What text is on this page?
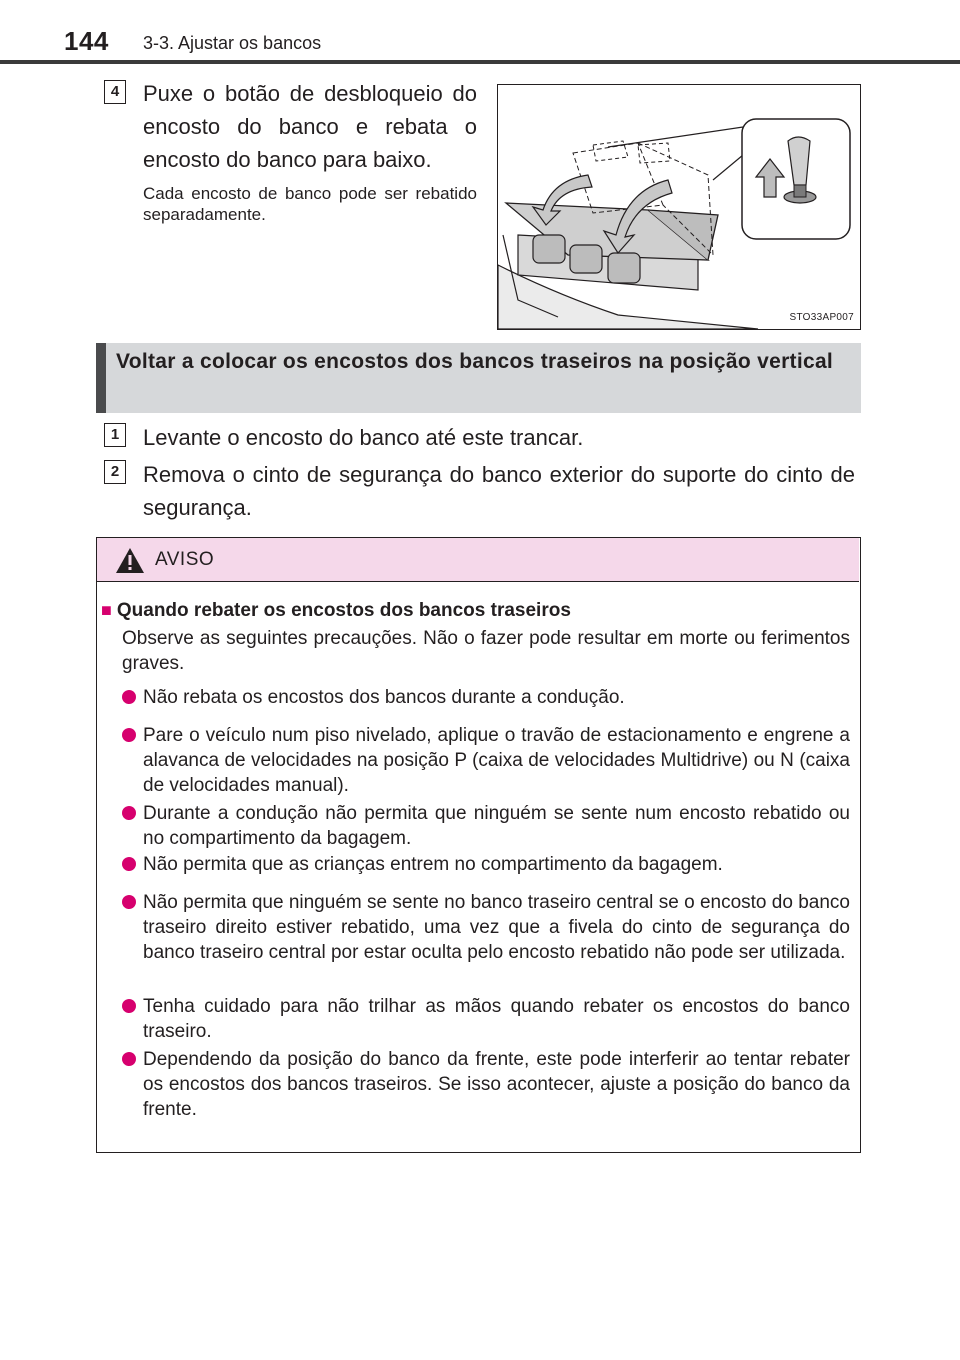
144 3-3. Ajustar os bancos
4	Puxe o botão de desbloqueio do encosto do banco e rebata o encosto do banco para baixo.
Cada encosto de banco pode ser rebatido separadamente.
STO33AP007
Voltar a colocar os encostos dos bancos traseiros na posição vertical
1	Levante o encosto do banco até este trancar.
2	Remova o cinto de segurança do banco exterior do suporte do cinto de segurança.
AVISO
■ Quando rebater os encostos dos bancos traseiros
Observe as seguintes precauções. Não o fazer pode resultar em morte ou ferimentos graves.
Não rebata os encostos dos bancos durante a condução.
Pare o veículo num piso nivelado, aplique o travão de estacionamento e engrene a alavanca de velocidades na posição P (caixa de velocidades Multidrive) ou N (caixa de velocidades manual).
Durante a condução não permita que ninguém se sente num encosto rebatido ou no compartimento da bagagem.
Não permita que as crianças entrem no compartimento da bagagem.
Não permita que ninguém se sente no banco traseiro central se o encosto do banco traseiro direito estiver rebatido, uma vez que a fivela do cinto de segurança do banco traseiro central por estar oculta pelo encosto rebatido não pode ser utilizada.
Tenha cuidado para não trilhar as mãos quando rebater os encostos do banco traseiro.
Dependendo da posição do banco da frente, este pode interferir ao tentar rebater os encostos dos bancos traseiros. Se isso acontecer, ajuste a posição do banco da frente.
